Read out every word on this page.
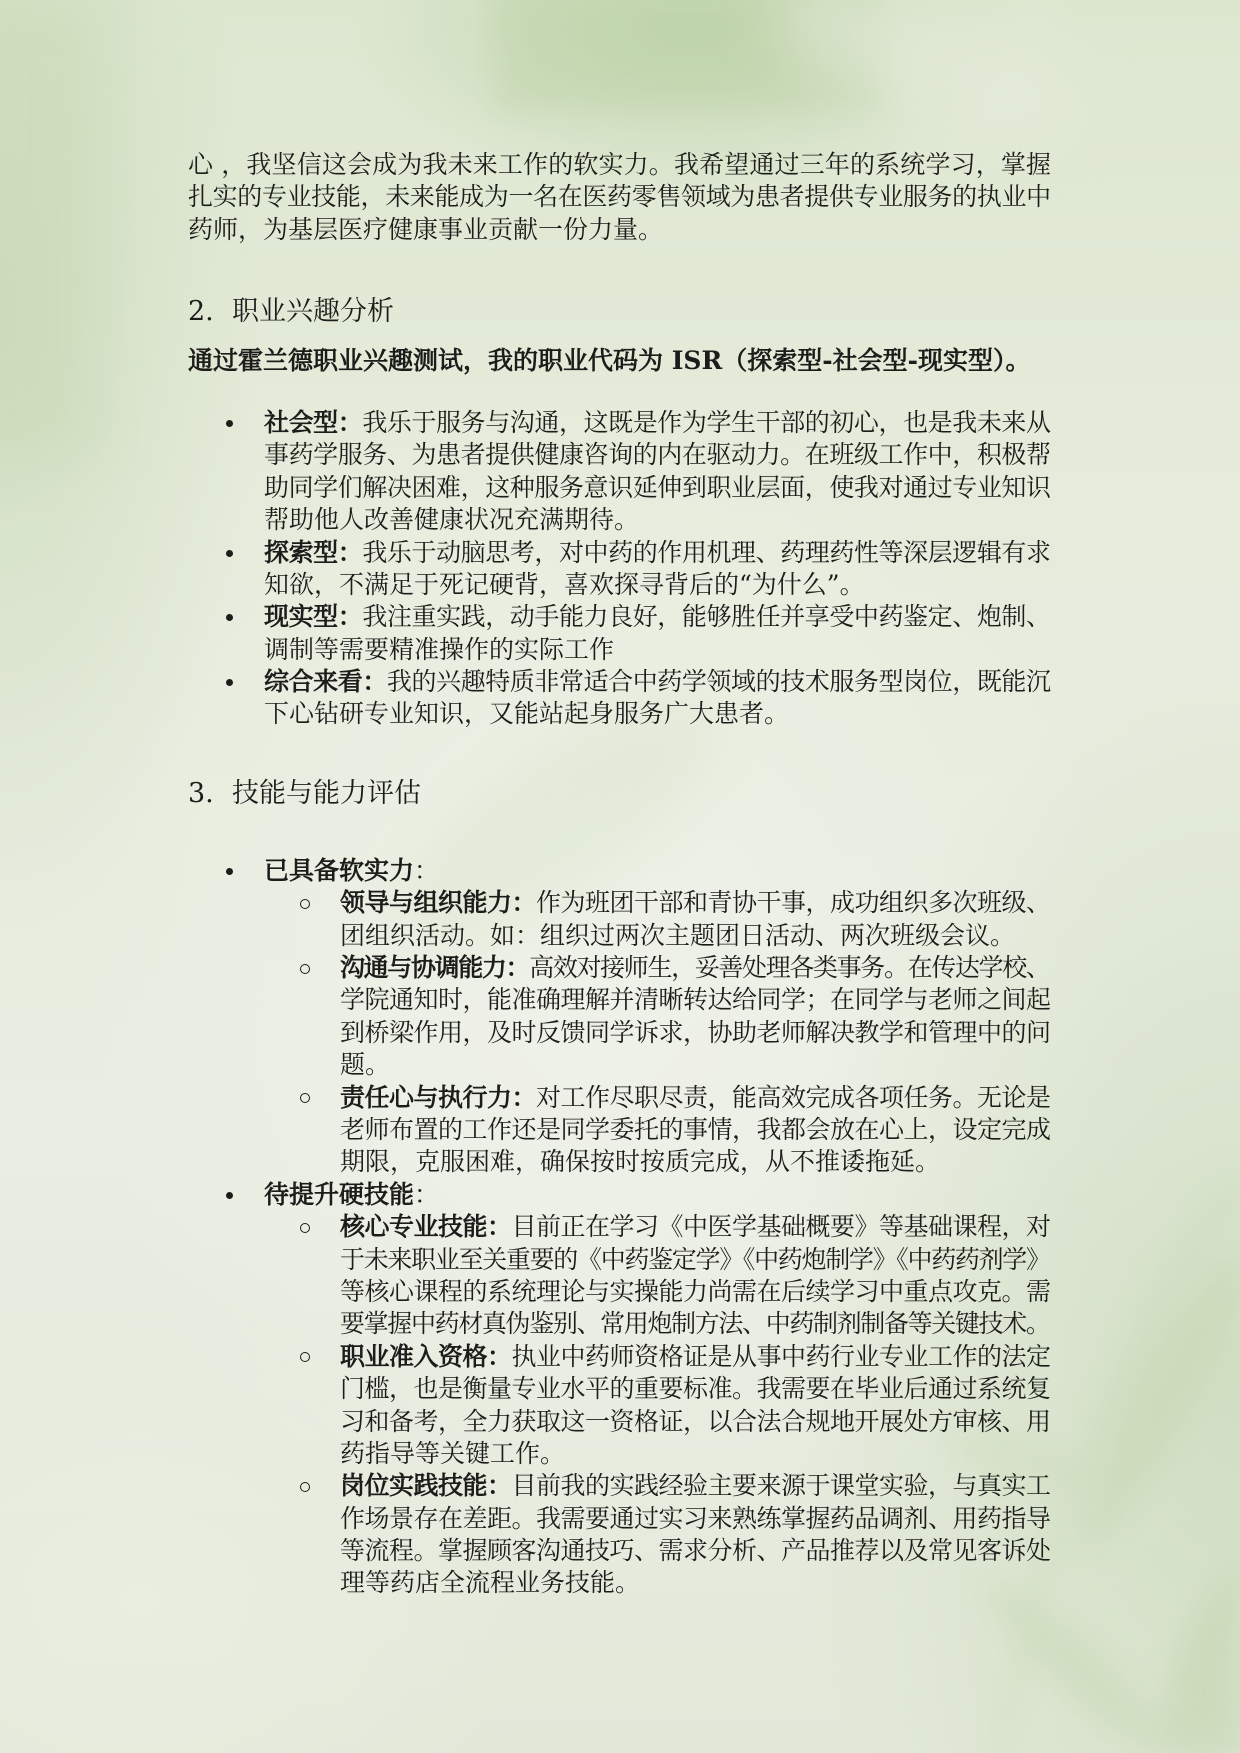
心 ，我坚信这会成为我未来工作的软实力。我希望通过三年的系统学习，掌握
扎实的专业技能，未来能成为一名在医药零售领域为患者提供专业服务的执业中
药师，为基层医疗健康事业贡献一份力量。
2. 职业兴趣分析
通过霍兰德职业兴趣测试，我的职业代码为 ISR（探索型-社会型-现实型）。
社会型：我乐于服务与沟通，这既是作为学生干部的初心，也是我未来从
事药学服务、为患者提供健康咨询的内在驱动力。在班级工作中，积极帮
助同学们解决困难，这种服务意识延伸到职业层面，使我对通过专业知识
帮助他人改善健康状况充满期待。
探索型：我乐于动脑思考，对中药的作用机理、药理药性等深层逻辑有求
知欲，不满足于死记硬背，喜欢探寻背后的“为什么”。
现实型：我注重实践，动手能力良好，能够胜任并享受中药鉴定、炮制、
调制等需要精准操作的实际工作
综合来看：我的兴趣特质非常适合中药学领域的技术服务型岗位，既能沉
下心钻研专业知识，又能站起身服务广大患者。
3. 技能与能力评估
已具备软实力：
领导与组织能力：作为班团干部和青协干事，成功组织多次班级、
团组织活动。如：组织过两次主题团日活动、两次班级会议。
沟通与协调能力：高效对接师生，妥善处理各类事务。在传达学校、
学院通知时，能准确理解并清晰转达给同学；在同学与老师之间起
到桥梁作用，及时反馈同学诉求，协助老师解决教学和管理中的问
题。
责任心与执行力：对工作尽职尽责，能高效完成各项任务。无论是
老师布置的工作还是同学委托的事情，我都会放在心上，设定完成
期限，克服困难，确保按时按质完成，从不推诿拖延。
待提升硬技能：
核心专业技能：目前正在学习《中医学基础概要》等基础课程，对
于未来职业至关重要的《中药鉴定学》《中药炮制学》《中药药剂学》
等核心课程的系统理论与实操能力尚需在后续学习中重点攻克。需
要掌握中药材真伪鉴别、常用炮制方法、中药制剂制备等关键技术。
职业准入资格：执业中药师资格证是从事中药行业专业工作的法定
门槛，也是衡量专业水平的重要标准。我需要在毕业后通过系统复
习和备考，全力获取这一资格证，以合法合规地开展处方审核、用
药指导等关键工作。
岗位实践技能：目前我的实践经验主要来源于课堂实验，与真实工
作场景存在差距。我需要通过实习来熟练掌握药品调剂、用药指导
等流程。掌握顾客沟通技巧、需求分析、产品推荐以及常见客诉处
理等药店全流程业务技能。
